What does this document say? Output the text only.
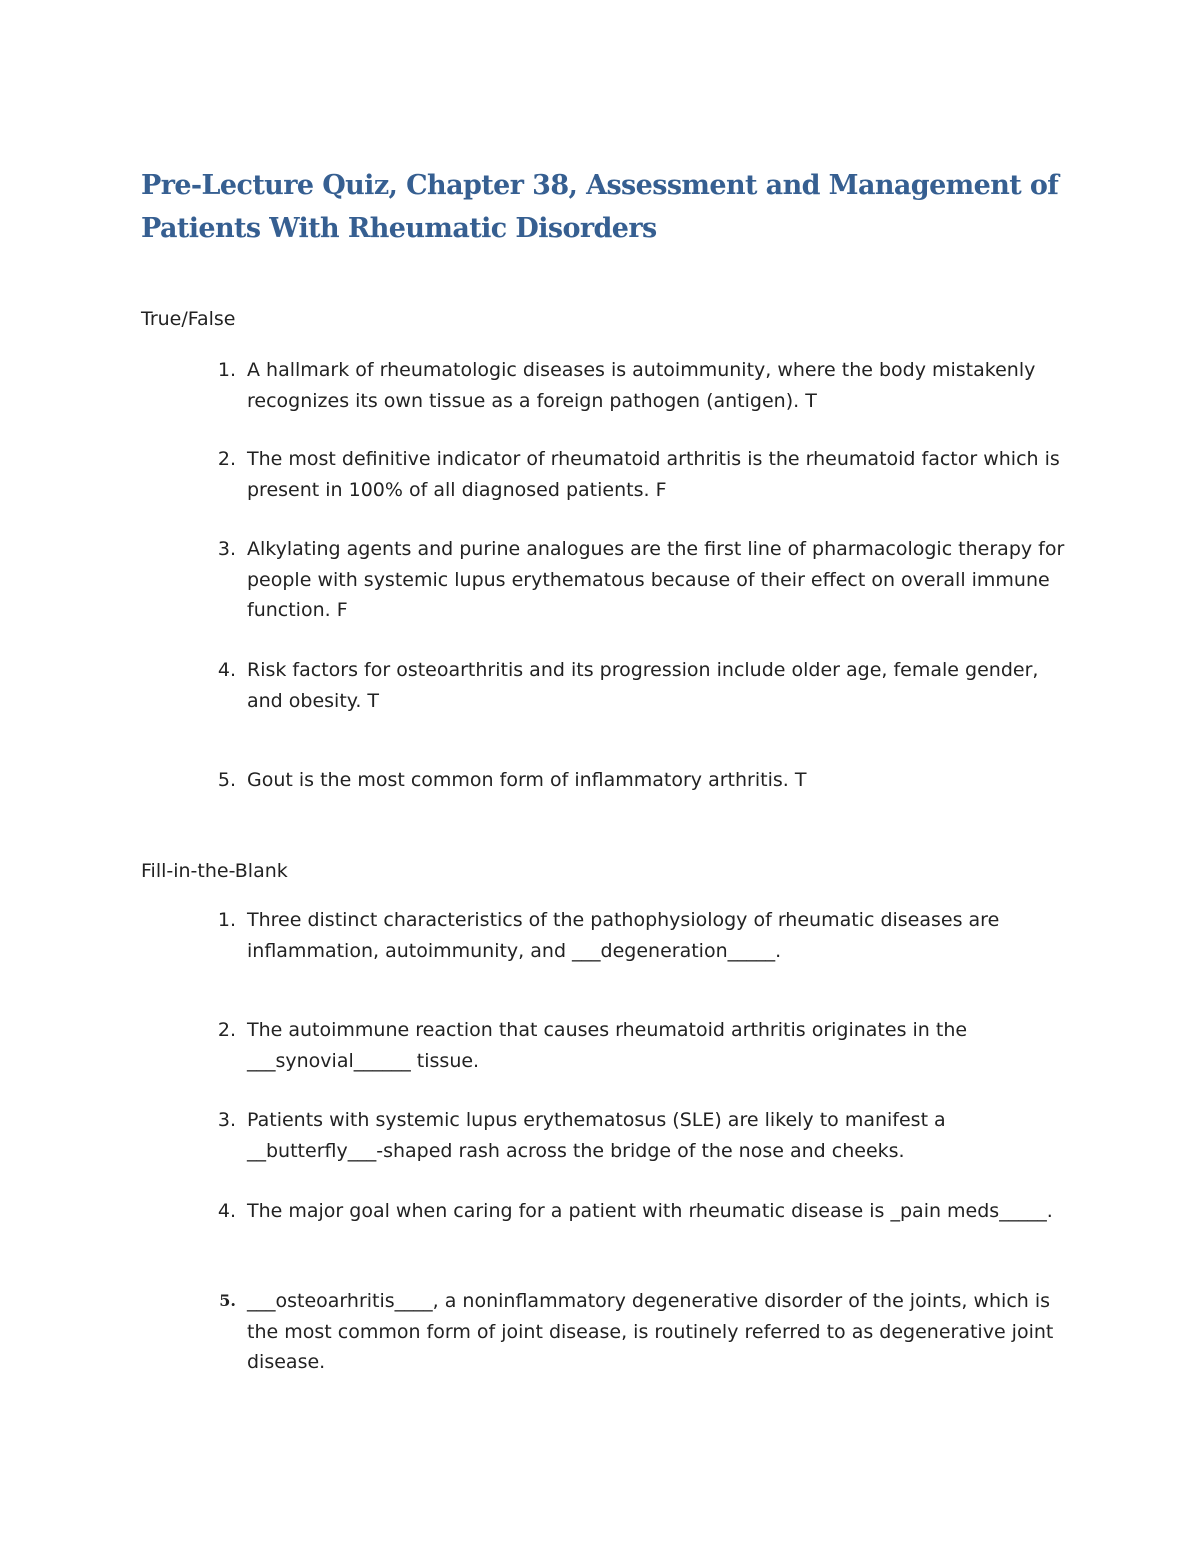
Pre-Lecture Quiz, Chapter 38, Assessment and Management of Patients With Rheumatic Disorders

True/False

1. A hallmark of rheumatologic diseases is autoimmunity, where the body mistakenly recognizes its own tissue as a foreign pathogen (antigen). T
2. The most definitive indicator of rheumatoid arthritis is the rheumatoid factor which is present in 100% of all diagnosed patients. F
3. Alkylating agents and purine analogues are the first line of pharmacologic therapy for people with systemic lupus erythematous because of their effect on overall immune function. F
4. Risk factors for osteoarthritis and its progression include older age, female gender, and obesity. T
5. Gout is the most common form of inflammatory arthritis. T

Fill-in-the-Blank

1. Three distinct characteristics of the pathophysiology of rheumatic diseases are inflammation, autoimmunity, and ___degeneration_____.
2. The autoimmune reaction that causes rheumatoid arthritis originates in the ___synovial______ tissue.
3. Patients with systemic lupus erythematosus (SLE) are likely to manifest a __butterfly___-shaped rash across the bridge of the nose and cheeks.
4. The major goal when caring for a patient with rheumatic disease is _pain meds_____.
5. ___osteoarhritis____, a noninflammatory degenerative disorder of the joints, which is the most common form of joint disease, is routinely referred to as degenerative joint disease.
